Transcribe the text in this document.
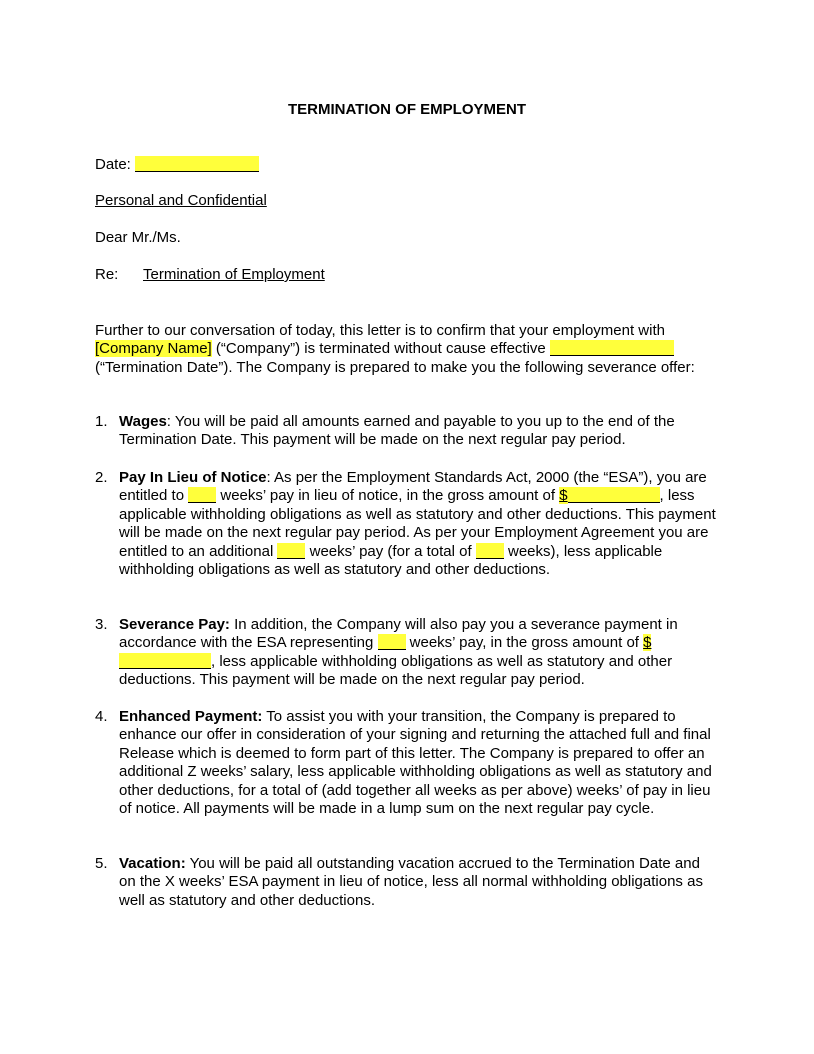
TERMINATION OF EMPLOYMENT
Date:
Personal and Confidential
Dear Mr./Ms.
Re: Termination of Employment

Further to our conversation of today, this letter is to confirm that your employment with
[Company Name] (“Company”) is terminated without cause effective
(“Termination Date”). The Company is prepared to make you the following severance offer:

1. Wages: You will be paid all amounts earned and payable to you up to the end of the Termination Date. This payment will be made on the next regular pay period.
2. Pay In Lieu of Notice: As per the Employment Standards Act, 2000 (the “ESA”), you are entitled to  weeks’ pay in lieu of notice, in the gross amount of $	, less applicable withholding obligations as well as statutory and other deductions. This payment will be made on the next regular pay period. As per your Employment Agreement you are entitled to an additional  weeks’ pay (for a total of  weeks), less applicable withholding obligations as well as statutory and other deductions.
3. Severance Pay: In addition, the Company will also pay you a severance payment in accordance with the ESA representing  weeks’ pay, in the gross amount of $, less applicable withholding obligations as well as statutory and other deductions. This payment will be made on the next regular pay period.
4. Enhanced Payment: To assist you with your transition, the Company is prepared to enhance our offer in consideration of your signing and returning the attached full and final Release which is deemed to form part of this letter. The Company is prepared to offer an additional Z weeks’ salary, less applicable withholding obligations as well as statutory and other deductions, for a total of (add together all weeks as per above) weeks’ of pay in lieu of notice. All payments will be made in a lump sum on the next regular pay cycle.
5. Vacation: You will be paid all outstanding vacation accrued to the Termination Date and on the X weeks’ ESA payment in lieu of notice, less all normal withholding obligations as well as statutory and other deductions.
